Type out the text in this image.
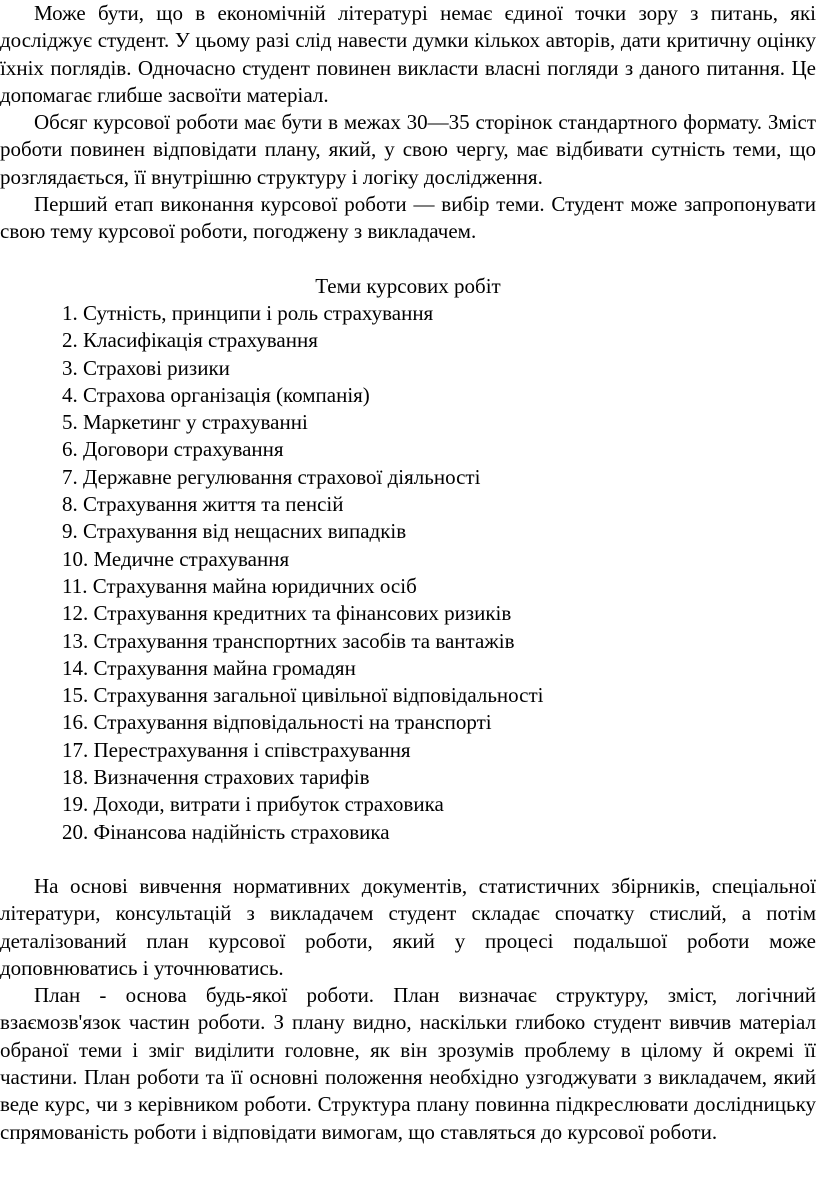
Може бути, що в економічній літературі немає єдиної точки зору з питань, які досліджує студент. У цьому разі слід навести думки кількох авторів, дати критичну оцінку їхніх поглядів. Одночасно студент повинен викласти власні погляди з даного питання. Це допомагає глибше засвоїти матеріал.

Обсяг курсової роботи має бути в межах 30—35 сторінок стандартного формату. Зміст роботи повинен відповідати плану, який, у свою чергу, має відбивати сутність теми, що розглядається, її внутрішню структуру і логіку дослідження.

Перший етап виконання курсової роботи — вибір теми. Студент може запропонувати свою тему курсової роботи, погоджену з викладачем.

Теми курсових робіт

1. Сутність, принципи і роль страхування
2. Класифікація страхування
3. Страхові ризики
4. Страхова організація (компанія)
5. Маркетинг у страхуванні
6. Договори страхування
7. Державне регулювання страхової діяльності
8. Страхування життя та пенсій
9. Страхування від нещасних випадків
10. Медичне страхування
11. Страхування майна юридичних осіб
12. Страхування кредитних та фінансових ризиків
13. Страхування транспортних засобів та вантажів
14. Страхування майна громадян
15. Страхування загальної цивільної відповідальності
16. Страхування відповідальності на транспорті
17. Перестрахування і співстрахування
18. Визначення страхових тарифів
19. Доходи, витрати і прибуток страховика
20. Фінансова надійність страховика

На основі вивчення нормативних документів, статистичних збірників, спеціальної літератури, консультацій з викладачем студент складає спочатку стислий, а потім деталізований план курсової роботи, який у процесі подальшої роботи може доповнюватись і уточнюватись.

План - основа будь-якої роботи. План визначає структуру, зміст, логічний взаємозв'язок частин роботи. З плану видно, наскільки глибоко студент вивчив матеріал обраної теми і зміг виділити головне, як він зрозумів проблему в цілому й окремі її частини. План роботи та її основні положення необхідно узгоджувати з викладачем, який веде курс, чи з керівником роботи. Структура плану повинна підкреслювати дослідницьку спрямованість роботи і відповідати вимогам, що ставляться до курсової роботи.
